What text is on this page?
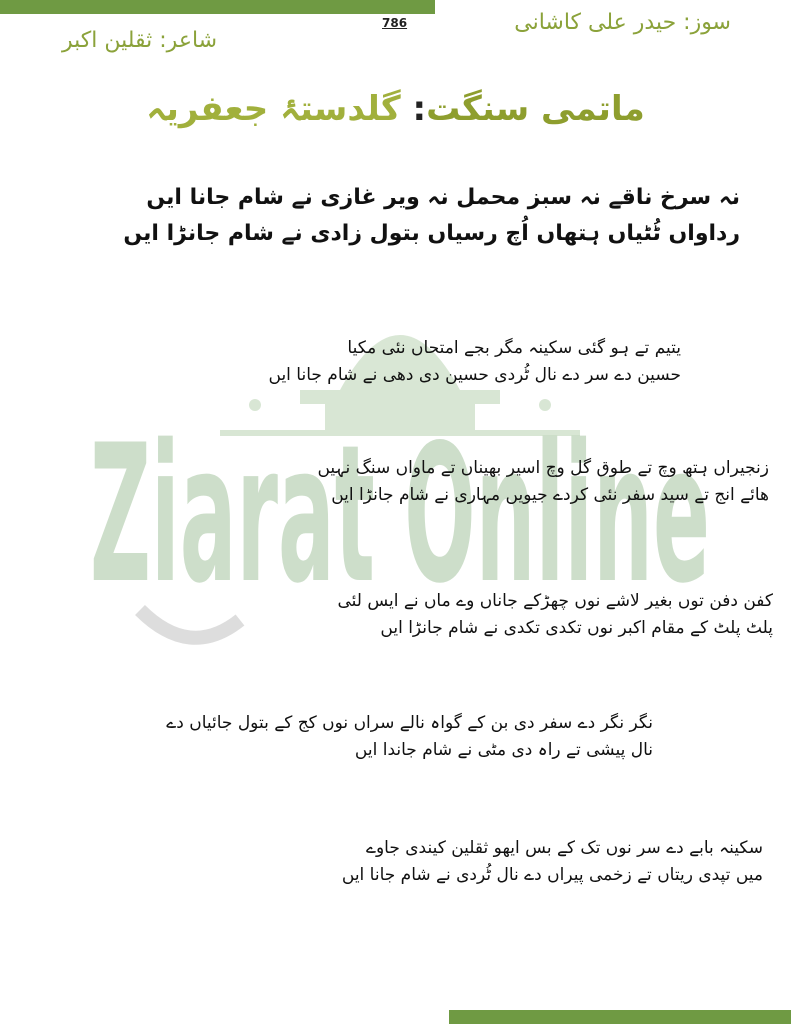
786	سوز: حیدر علی کاشانی
شاعر: ثقلین اکبر
ماتمی سنگت: گلدستۂ جعفریہ
Ziarat Online
نہ سرخ ناقے نہ سبز محمل نہ ویر غازی نے شام جانا ایں
رداواں ٹُٹیاں ہتھاں اُچ رسیاں بتول زادی نے شام جانڑا ایں
یتیم تے ہو گئی سکینہ مگر بجے امتحاں نئی مکیا
حسین دے سر دے نال ٹُردی حسین دی دھی نے شام جانا ایں
زنجیراں ہتھ وچ تے طوق گل وچ اسیر بھیناں تے ماواں سنگ نہیں
ھائے انج تے سید سفر نئی کردے جیویں مہاری نے شام جانڑا ایں
کفن دفن توں بغیر لاشے نوں چھڑکے جاناں وے ماں نے ایس لئی
پلٹ پلٹ کے مقام اکبر نوں تکدی تکدی نے شام جانڑا ایں
نگر نگر دے سفر دی بن کے گواہ نالے سراں نوں کج کے بتول جائیاں دے
نال پیشی تے راہ دی مٹی نے شام جاندا ایں
سکینہ بابے دے سر نوں تک کے بس ایھو ثقلین کیندی جاوے
میں تپدی ریتاں تے زخمی پیراں دے نال ٹُردی نے شام جانا ایں
